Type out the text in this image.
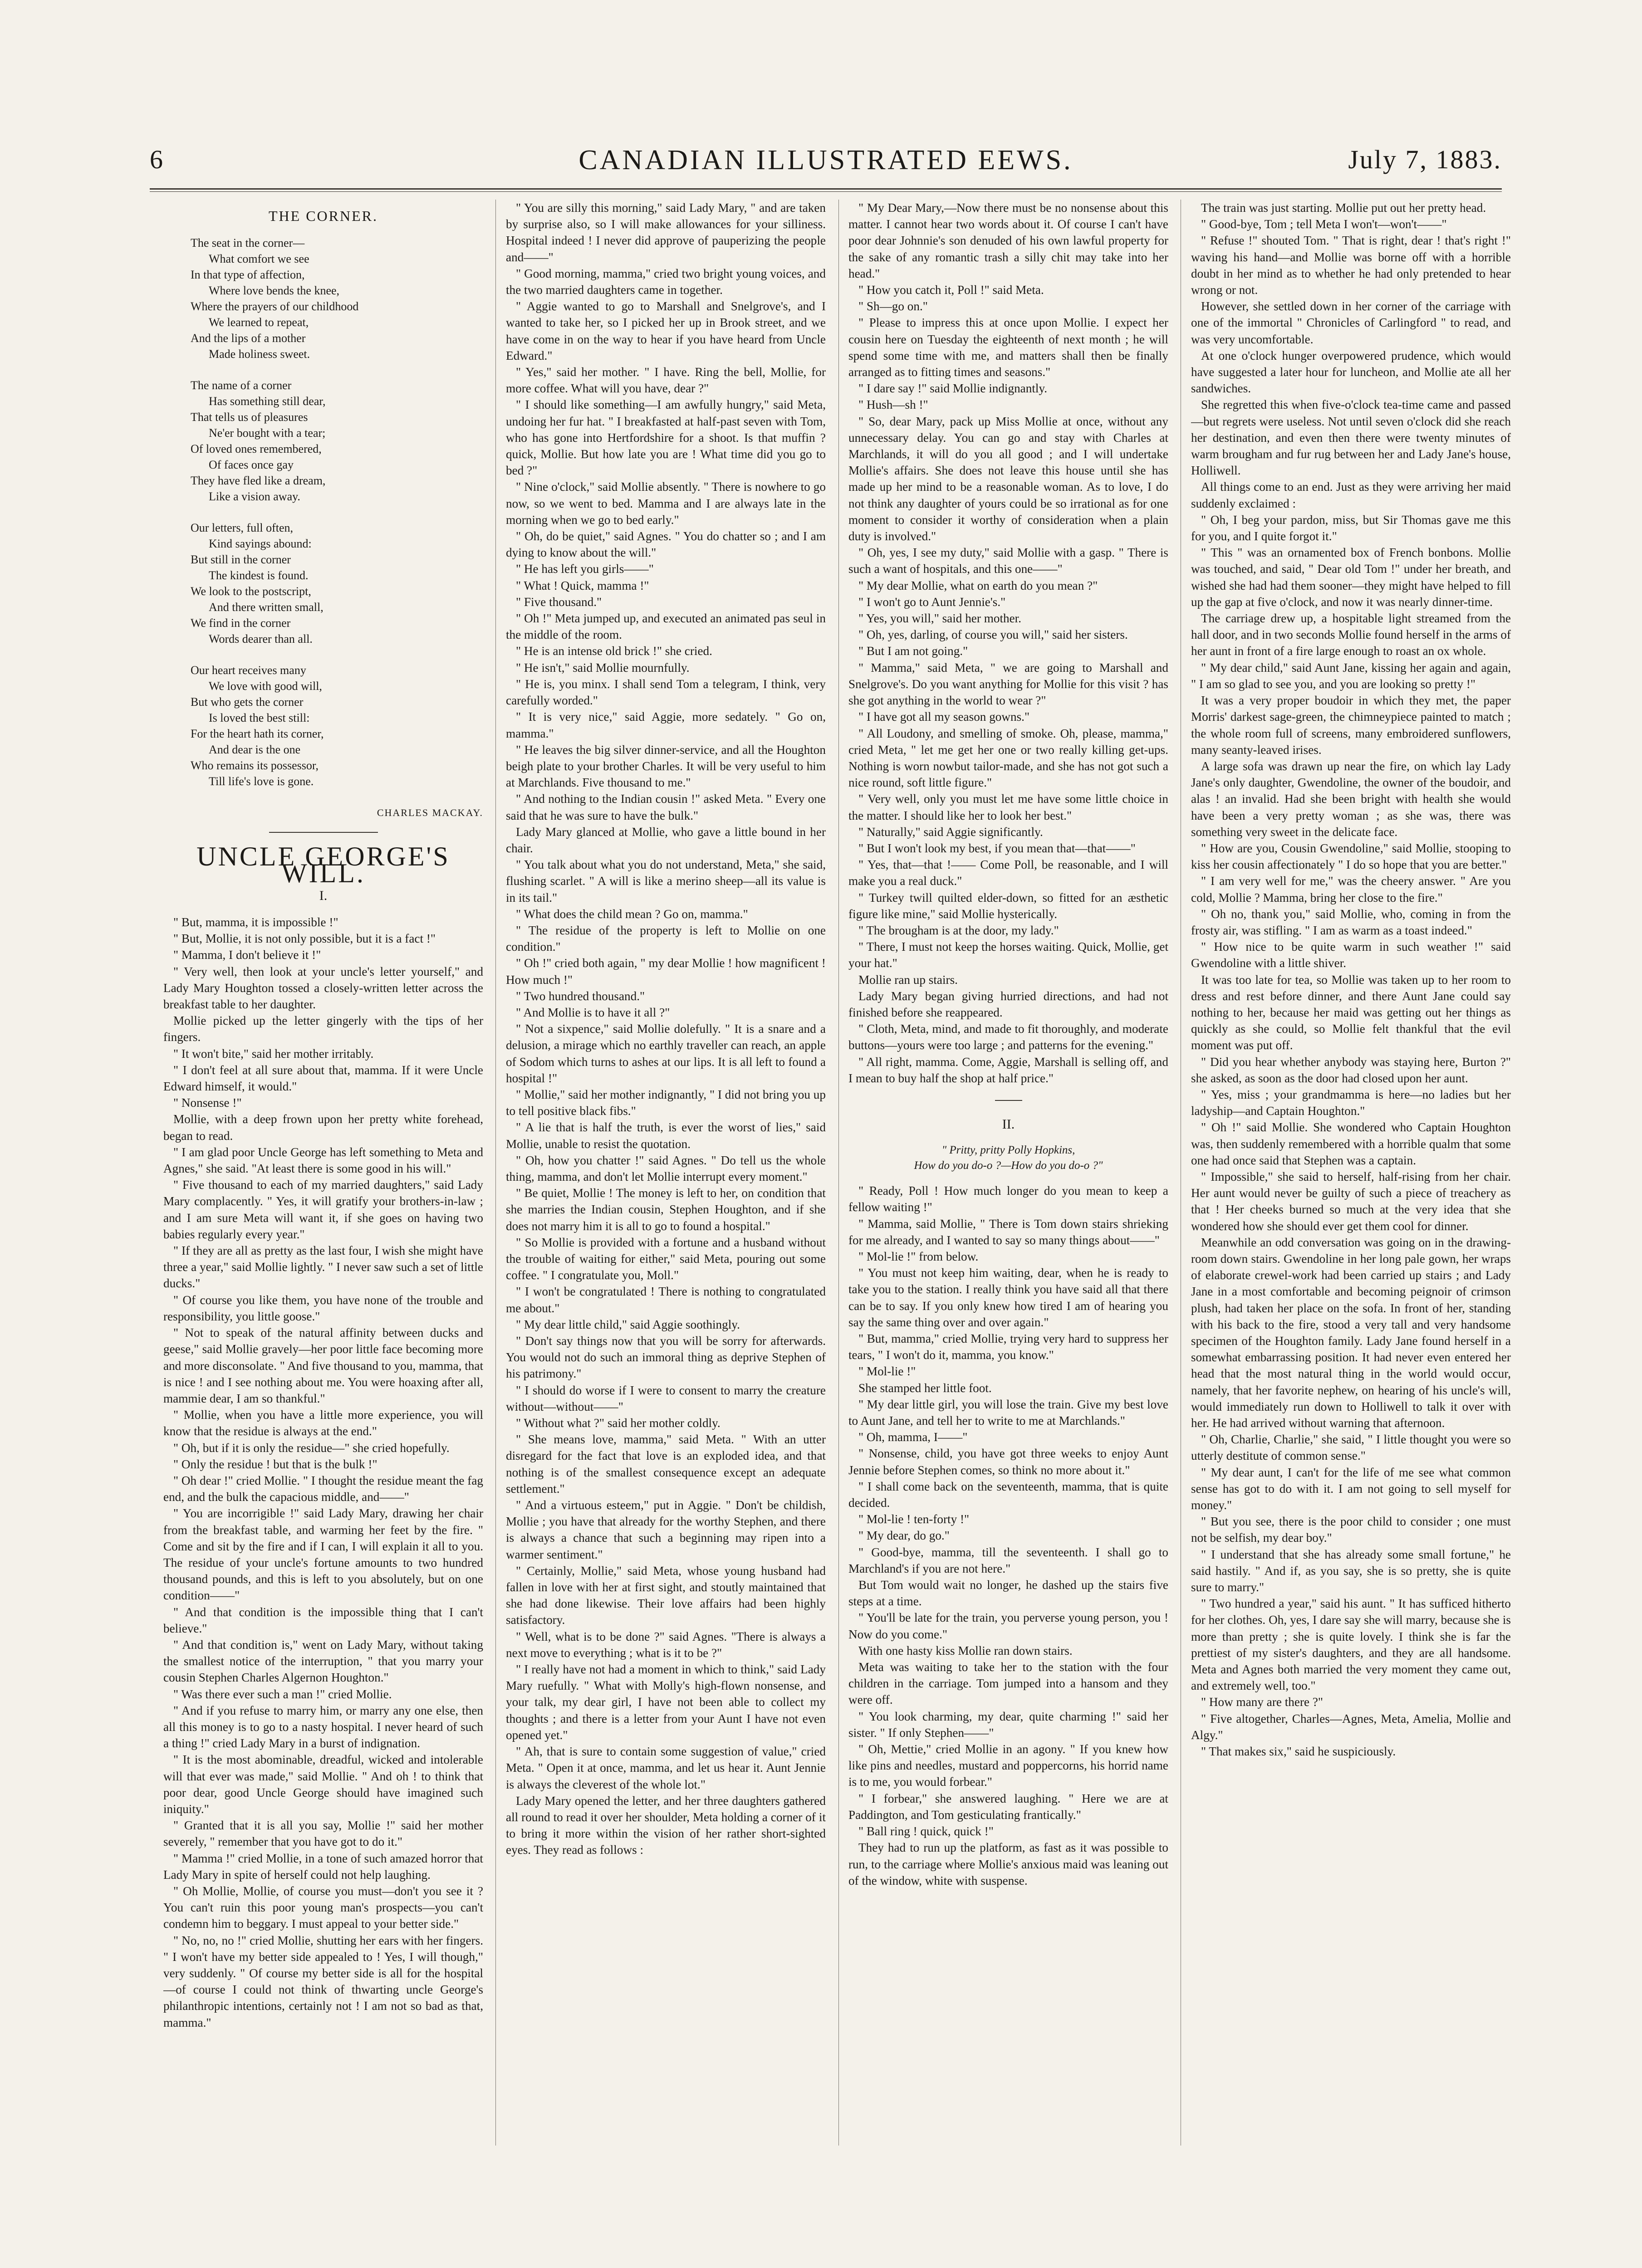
6	CANADIAN ILLUSTRATED EEWS.	July 7, 1883.
THE CORNER.
The seat in the corner—
What comfort we see
In that type of affection,
Where love bends the knee,
Where the prayers of our childhood
We learned to repeat,
And the lips of a mother
Made holiness sweet.
The name of a corner
Has something still dear,
That tells us of pleasures
Ne'er bought with a tear;
Of loved ones remembered,
Of faces once gay
They have fled like a dream,
Like a vision away.
Our letters, full often,
Kind sayings abound:
But still in the corner
The kindest is found.
We look to the postscript,
And there written small,
We find in the corner
Words dearer than all.
Our heart receives many
We love with good will,
But who gets the corner
Is loved the best still:
For the heart hath its corner,
And dear is the one
Who remains its possessor,
Till life's love is gone.
CHARLES MACKAY.
UNCLE GEORGE'S WILL.
I.

" But, mamma, it is impossible !"

" But, Mollie, it is not only possible, but it is a fact !"

" Mamma, I don't believe it !"

" Very well, then look at your uncle's letter yourself," and Lady Mary Houghton tossed a closely-written letter across the breakfast table to her daughter.

Mollie picked up the letter gingerly with the tips of her fingers.

" It won't bite," said her mother irritably.

" I don't feel at all sure about that, mamma. If it were Uncle Edward himself, it would."

" Nonsense !"

Mollie, with a deep frown upon her pretty white forehead, began to read.

" I am glad poor Uncle George has left something to Meta and Agnes," she said. "At least there is some good in his will."

" Five thousand to each of my married daughters," said Lady Mary complacently. " Yes, it will gratify your brothers-in-law ; and I am sure Meta will want it, if she goes on having two babies regularly every year."

" If they are all as pretty as the last four, I wish she might have three a year," said Mollie lightly. " I never saw such a set of little ducks."

" Of course you like them, you have none of the trouble and responsibility, you little goose."

" Not to speak of the natural affinity between ducks and geese," said Mollie gravely—her poor little face becoming more and more disconsolate. " And five thousand to you, mamma, that is nice ! and I see nothing about me. You were hoaxing after all, mammie dear, I am so thankful."

" Mollie, when you have a little more experience, you will know that the residue is always at the end."

" Oh, but if it is only the residue—" she cried hopefully.

" Only the residue ! but that is the bulk !"

" Oh dear !" cried Mollie. " I thought the residue meant the fag end, and the bulk the capacious middle, and——"

" You are incorrigible !" said Lady Mary, drawing her chair from the breakfast table, and warming her feet by the fire. " Come and sit by the fire and if I can, I will explain it all to you. The residue of your uncle's fortune amounts to two hundred thousand pounds, and this is left to you absolutely, but on one condition——"

" And that condition is the impossible thing that I can't believe."

" And that condition is," went on Lady Mary, without taking the smallest notice of the interruption, " that you marry your cousin Stephen Charles Algernon Houghton."

" Was there ever such a man !" cried Mollie.

" And if you refuse to marry him, or marry any one else, then all this money is to go to a nasty hospital. I never heard of such a thing !" cried Lady Mary in a burst of indignation.

" It is the most abominable, dreadful, wicked and intolerable will that ever was made," said Mollie. " And oh ! to think that poor dear, good Uncle George should have imagined such iniquity."

" Granted that it is all you say, Mollie !" said her mother severely, " remember that you have got to do it."

" Mamma !" cried Mollie, in a tone of such amazed horror that Lady Mary in spite of herself could not help laughing.

" Oh Mollie, Mollie, of course you must—don't you see it ? You can't ruin this poor young man's prospects—you can't condemn him to beggary. I must appeal to your better side."

" No, no, no !" cried Mollie, shutting her ears with her fingers. " I won't have my better side appealed to ! Yes, I will though," very suddenly. " Of course my better side is all for the hospital—of course I could not think of thwarting uncle George's philanthropic intentions, certainly not ! I am not so bad as that, mamma."

" You are silly this morning," said Lady Mary, " and are taken by surprise also, so I will make allowances for your silliness. Hospital indeed ! I never did approve of pauperizing the people and——"

" Good morning, mamma," cried two bright young voices, and the two married daughters came in together.

" Aggie wanted to go to Marshall and Snelgrove's, and I wanted to take her, so I picked her up in Brook street, and we have come in on the way to hear if you have heard from Uncle Edward."

" Yes," said her mother. " I have. Ring the bell, Mollie, for more coffee. What will you have, dear ?"

" I should like something—I am awfully hungry," said Meta, undoing her fur hat. " I breakfasted at half-past seven with Tom, who has gone into Hertfordshire for a shoot. Is that muffin ? quick, Mollie. But how late you are ! What time did you go to bed ?"

" Nine o'clock," said Mollie absently. " There is nowhere to go now, so we went to bed. Mamma and I are always late in the morning when we go to bed early."

" Oh, do be quiet," said Agnes. " You do chatter so ; and I am dying to know about the will."

" He has left you girls——"

" What ! Quick, mamma !"

" Five thousand."

" Oh !" Meta jumped up, and executed an animated pas seul in the middle of the room.

" He is an intense old brick !" she cried.

" He isn't," said Mollie mournfully.

" He is, you minx. I shall send Tom a telegram, I think, very carefully worded."

" It is very nice," said Aggie, more sedately. " Go on, mamma."

" He leaves the big silver dinner-service, and all the Houghton beigh plate to your brother Charles. It will be very useful to him at Marchlands. Five thousand to me."

" And nothing to the Indian cousin !" asked Meta. " Every one said that he was sure to have the bulk."

Lady Mary glanced at Mollie, who gave a little bound in her chair.

" You talk about what you do not understand, Meta," she said, flushing scarlet. " A will is like a merino sheep—all its value is in its tail."

" What does the child mean ? Go on, mamma."

" The residue of the property is left to Mollie on one condition."

" Oh !" cried both again, " my dear Mollie ! how magnificent ! How much !"

" Two hundred thousand."

" And Mollie is to have it all ?"

" Not a sixpence," said Mollie dolefully. " It is a snare and a delusion, a mirage which no earthly traveller can reach, an apple of Sodom which turns to ashes at our lips. It is all left to found a hospital !"

" Mollie," said her mother indignantly, " I did not bring you up to tell positive black fibs."

" A lie that is half the truth, is ever the worst of lies," said Mollie, unable to resist the quotation.

" Oh, how you chatter !" said Agnes. " Do tell us the whole thing, mamma, and don't let Mollie interrupt every moment."

" Be quiet, Mollie ! The money is left to her, on condition that she marries the Indian cousin, Stephen Houghton, and if she does not marry him it is all to go to found a hospital."

" So Mollie is provided with a fortune and a husband without the trouble of waiting for either," said Meta, pouring out some coffee. " I congratulate you, Moll."

" I won't be congratulated ! There is nothing to congratulated me about."

" My dear little child," said Aggie soothingly.

" Don't say things now that you will be sorry for afterwards. You would not do such an immoral thing as deprive Stephen of his patrimony."

" I should do worse if I were to consent to marry the creature without—without——"

" Without what ?" said her mother coldly.

" She means love, mamma," said Meta. " With an utter disregard for the fact that love is an exploded idea, and that nothing is of the smallest consequence except an adequate settlement."

" And a virtuous esteem," put in Aggie. " Don't be childish, Mollie ; you have that already for the worthy Stephen, and there is always a chance that such a beginning may ripen into a warmer sentiment."

" Certainly, Mollie," said Meta, whose young husband had fallen in love with her at first sight, and stoutly maintained that she had done likewise. Their love affairs had been highly satisfactory.

" Well, what is to be done ?" said Agnes. "There is always a next move to everything ; what is it to be ?"

" I really have not had a moment in which to think," said Lady Mary ruefully. " What with Molly's high-flown nonsense, and your talk, my dear girl, I have not been able to collect my thoughts ; and there is a letter from your Aunt I have not even opened yet."

" Ah, that is sure to contain some suggestion of value," cried Meta. " Open it at once, mamma, and let us hear it. Aunt Jennie is always the cleverest of the whole lot."

Lady Mary opened the letter, and her three daughters gathered all round to read it over her shoulder, Meta holding a corner of it to bring it more within the vision of her rather short-sighted eyes. They read as follows :

" My Dear Mary,—Now there must be no nonsense about this matter. I cannot hear two words about it. Of course I can't have poor dear Johnnie's son denuded of his own lawful property for the sake of any romantic trash a silly chit may take into her head."

" How you catch it, Poll !" said Meta.

" Sh—go on."

" Please to impress this at once upon Mollie. I expect her cousin here on Tuesday the eighteenth of next month ; he will spend some time with me, and matters shall then be finally arranged as to fitting times and seasons."

" I dare say !" said Mollie indignantly.

" Hush—sh !"

" So, dear Mary, pack up Miss Mollie at once, without any unnecessary delay. You can go and stay with Charles at Marchlands, it will do you all good ; and I will undertake Mollie's affairs. She does not leave this house until she has made up her mind to be a reasonable woman. As to love, I do not think any daughter of yours could be so irrational as for one moment to consider it worthy of consideration when a plain duty is involved."

" Oh, yes, I see my duty," said Mollie with a gasp. " There is such a want of hospitals, and this one——"

" My dear Mollie, what on earth do you mean ?"

" I won't go to Aunt Jennie's."

" Yes, you will," said her mother.

" Oh, yes, darling, of course you will," said her sisters.

" But I am not going."

" Mamma," said Meta, " we are going to Marshall and Snelgrove's. Do you want anything for Mollie for this visit ? has she got anything in the world to wear ?"

" I have got all my season gowns."

" All Loudony, and smelling of smoke. Oh, please, mamma," cried Meta, " let me get her one or two really killing get-ups. Nothing is worn nowbut tailor-made, and she has not got such a nice round, soft little figure."

" Very well, only you must let me have some little choice in the matter. I should like her to look her best."

" Naturally," said Aggie significantly.

" But I won't look my best, if you mean that—that——"

" Yes, that—that !—— Come Poll, be reasonable, and I will make you a real duck."

" Turkey twill quilted elder-down, so fitted for an æsthetic figure like mine," said Mollie hysterically.

" The brougham is at the door, my lady."

" There, I must not keep the horses waiting. Quick, Mollie, get your hat."

Mollie ran up stairs.

Lady Mary began giving hurried directions, and had not finished before she reappeared.

" Cloth, Meta, mind, and made to fit thoroughly, and moderate buttons—yours were too large ; and patterns for the evening."

" All right, mamma. Come, Aggie, Marshall is selling off, and I mean to buy half the shop at half price."

II.
" Pritty, pritty Polly Hopkins,
How do you do-o ?—How do you do-o ?"

" Ready, Poll ! How much longer do you mean to keep a fellow waiting !"

" Mamma, said Mollie, " There is Tom down stairs shrieking for me already, and I wanted to say so many things about——"

" Mol-lie !" from below.

" You must not keep him waiting, dear, when he is ready to take you to the station. I really think you have said all that there can be to say. If you only knew how tired I am of hearing you say the same thing over and over again."

" But, mamma," cried Mollie, trying very hard to suppress her tears, " I won't do it, mamma, you know."

" Mol-lie !"

She stamped her little foot.

" My dear little girl, you will lose the train. Give my best love to Aunt Jane, and tell her to write to me at Marchlands."

" Oh, mamma, I——"

" Nonsense, child, you have got three weeks to enjoy Aunt Jennie before Stephen comes, so think no more about it."

" I shall come back on the seventeenth, mamma, that is quite decided.

" Mol-lie ! ten-forty !"

" My dear, do go."

" Good-bye, mamma, till the seventeenth. I shall go to Marchland's if you are not here."

But Tom would wait no longer, he dashed up the stairs five steps at a time.

" You'll be late for the train, you perverse young person, you ! Now do you come."

With one hasty kiss Mollie ran down stairs.

Meta was waiting to take her to the station with the four children in the carriage. Tom jumped into a hansom and they were off.

" You look charming, my dear, quite charming !" said her sister. " If only Stephen——"

" Oh, Mettie," cried Mollie in an agony. " If you knew how like pins and needles, mustard and poppercorns, his horrid name is to me, you would forbear."

" I forbear," she answered laughing. " Here we are at Paddington, and Tom gesticulating frantically."

" Ball ring ! quick, quick !"

They had to run up the platform, as fast as it was possible to run, to the carriage where Mollie's anxious maid was leaning out of the window, white with suspense.

The train was just starting. Mollie put out her pretty head.

" Good-bye, Tom ; tell Meta I won't—won't——"

" Refuse !" shouted Tom. " That is right, dear ! that's right !" waving his hand—and Mollie was borne off with a horrible doubt in her mind as to whether he had only pretended to hear wrong or not.

However, she settled down in her corner of the carriage with one of the immortal " Chronicles of Carlingford " to read, and was very uncomfortable.

At one o'clock hunger overpowered prudence, which would have suggested a later hour for luncheon, and Mollie ate all her sandwiches.

She regretted this when five-o'clock tea-time came and passed—but regrets were useless. Not until seven o'clock did she reach her destination, and even then there were twenty minutes of warm brougham and fur rug between her and Lady Jane's house, Holliwell.

All things come to an end. Just as they were arriving her maid suddenly exclaimed :

" Oh, I beg your pardon, miss, but Sir Thomas gave me this for you, and I quite forgot it."

" This " was an ornamented box of French bonbons. Mollie was touched, and said, " Dear old Tom !" under her breath, and wished she had had them sooner—they might have helped to fill up the gap at five o'clock, and now it was nearly dinner-time.

The carriage drew up, a hospitable light streamed from the hall door, and in two seconds Mollie found herself in the arms of her aunt in front of a fire large enough to roast an ox whole.

" My dear child," said Aunt Jane, kissing her again and again, " I am so glad to see you, and you are looking so pretty !"

It was a very proper boudoir in which they met, the paper Morris' darkest sage-green, the chimneypiece painted to match ; the whole room full of screens, many embroidered sunflowers, many seanty-leaved irises.

A large sofa was drawn up near the fire, on which lay Lady Jane's only daughter, Gwendoline, the owner of the boudoir, and alas ! an invalid. Had she been bright with health she would have been a very pretty woman ; as she was, there was something very sweet in the delicate face.

" How are you, Cousin Gwendoline," said Mollie, stooping to kiss her cousin affectionately " I do so hope that you are better."

" I am very well for me," was the cheery answer. " Are you cold, Mollie ? Mamma, bring her close to the fire."

" Oh no, thank you," said Mollie, who, coming in from the frosty air, was stifling. " I am as warm as a toast indeed."

" How nice to be quite warm in such weather !" said Gwendoline with a little shiver.

It was too late for tea, so Mollie was taken up to her room to dress and rest before dinner, and there Aunt Jane could say nothing to her, because her maid was getting out her things as quickly as she could, so Mollie felt thankful that the evil moment was put off.

" Did you hear whether anybody was staying here, Burton ?" she asked, as soon as the door had closed upon her aunt.

" Yes, miss ; your grandmamma is here—no ladies but her ladyship—and Captain Houghton."

" Oh !" said Mollie. She wondered who Captain Houghton was, then suddenly remembered with a horrible qualm that some one had once said that Stephen was a captain.

" Impossible," she said to herself, half-rising from her chair. Her aunt would never be guilty of such a piece of treachery as that ! Her cheeks burned so much at the very idea that she wondered how she should ever get them cool for dinner.

Meanwhile an odd conversation was going on in the drawing-room down stairs. Gwendoline in her long pale gown, her wraps of elaborate crewel-work had been carried up stairs ; and Lady Jane in a most comfortable and becoming peignoir of crimson plush, had taken her place on the sofa. In front of her, standing with his back to the fire, stood a very tall and very handsome specimen of the Houghton family. Lady Jane found herself in a somewhat embarrassing position. It had never even entered her head that the most natural thing in the world would occur, namely, that her favorite nephew, on hearing of his uncle's will, would immediately run down to Holliwell to talk it over with her. He had arrived without warning that afternoon.

" Oh, Charlie, Charlie," she said, " I little thought you were so utterly destitute of common sense."

" My dear aunt, I can't for the life of me see what common sense has got to do with it. I am not going to sell myself for money."

" But you see, there is the poor child to consider ; one must not be selfish, my dear boy."

" I understand that she has already some small fortune," he said hastily. " And if, as you say, she is so pretty, she is quite sure to marry."

" Two hundred a year," said his aunt. " It has sufficed hitherto for her clothes. Oh, yes, I dare say she will marry, because she is more than pretty ; she is quite lovely. I think she is far the prettiest of my sister's daughters, and they are all handsome. Meta and Agnes both married the very moment they came out, and extremely well, too."

" How many are there ?"

" Five altogether, Charles—Agnes, Meta, Amelia, Mollie and Algy."

" That makes six," said he suspiciously.
